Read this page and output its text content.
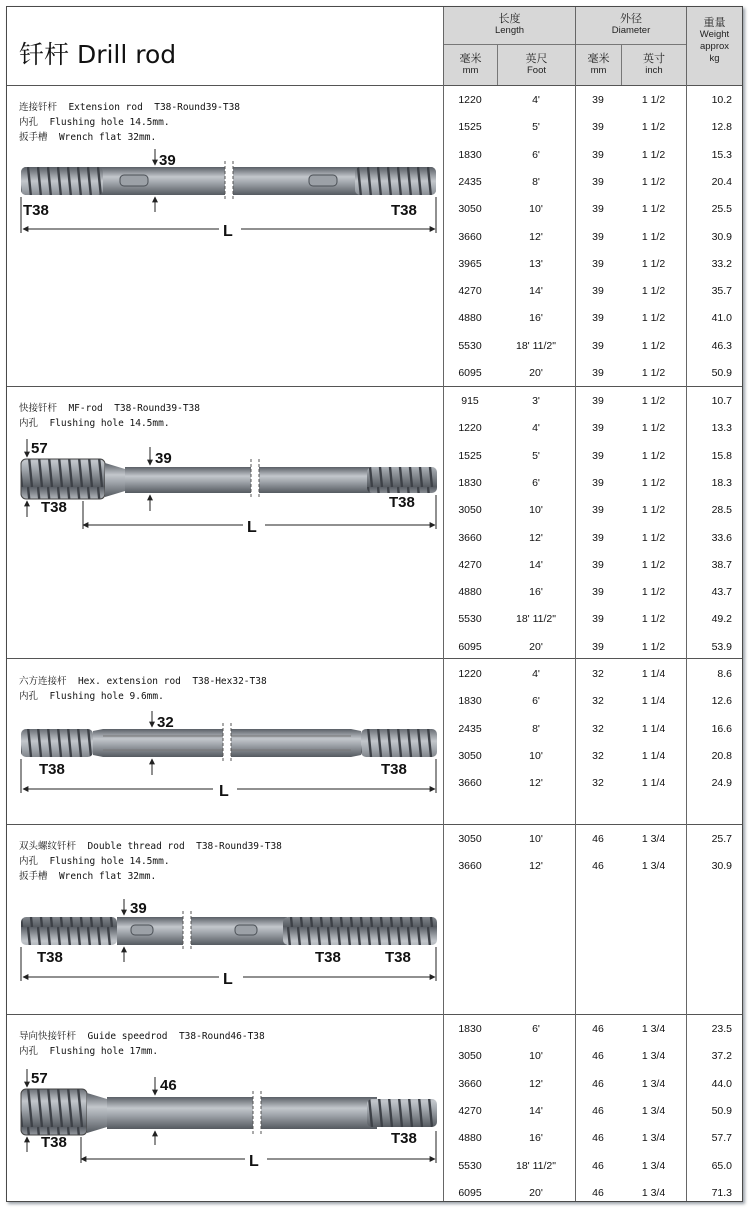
钎杆 Drill rod
长度
Length
外径
Diameter
重量
Weight
approx
kg
毫米
mm
英尺
Foot
毫米
mm
英寸
inch
连接钎杆  Extension rod  T38-Round39-T38
内孔  Flushing hole 14.5mm.
扳手槽  Wrench flat 32mm.
快接钎杆  MF-rod  T38-Round39-T38
内孔  Flushing hole 14.5mm.
六方连接杆  Hex. extension rod  T38-Hex32-T38
内孔  Flushing hole 9.6mm.
双头螺纹钎杆  Double thread rod  T38-Round39-T38
内孔  Flushing hole 14.5mm.
扳手槽  Wrench flat 32mm.
导向快接钎杆  Guide speedrod  T38-Round46-T38
内孔  Flushing hole 17mm.
39
T38	T38
L
57
39
T38	T38
L
32
T38	T38
L
39
T38	T38	T38
L
57	46
T38	T38
L
1220	4'	39	1 1/2	10.2
1525	5'	39	1 1/2	12.8
1830	6'	39	1 1/2	15.3
2435	8'	39	1 1/2	20.4
3050	10'	39	1 1/2	25.5
3660	12'	39	1 1/2	30.9
3965	13'	39	1 1/2	33.2
4270	14'	39	1 1/2	35.7
4880	16'	39	1 1/2	41.0
5530	18' 11/2"	39	1 1/2	46.3
6095	20'	39	1 1/2	50.9
915	3'	39	1 1/2	10.7
1220	4'	39	1 1/2	13.3
1525	5'	39	1 1/2	15.8
1830	6'	39	1 1/2	18.3
3050	10'	39	1 1/2	28.5
3660	12'	39	1 1/2	33.6
4270	14'	39	1 1/2	38.7
4880	16'	39	1 1/2	43.7
5530	18' 11/2"	39	1 1/2	49.2
6095	20'	39	1 1/2	53.9
1220	4'	32	1 1/4	8.6
1830	6'	32	1 1/4	12.6
2435	8'	32	1 1/4	16.6
3050	10'	32	1 1/4	20.8
3660	12'	32	1 1/4	24.9
3050	10'	46	1 3/4	25.7
3660	12'	46	1 3/4	30.9
1830	6'	46	1 3/4	23.5
3050	10'	46	1 3/4	37.2
3660	12'	46	1 3/4	44.0
4270	14'	46	1 3/4	50.9
4880	16'	46	1 3/4	57.7
5530	18' 11/2"	46	1 3/4	65.0
6095	20'	46	1 3/4	71.3
